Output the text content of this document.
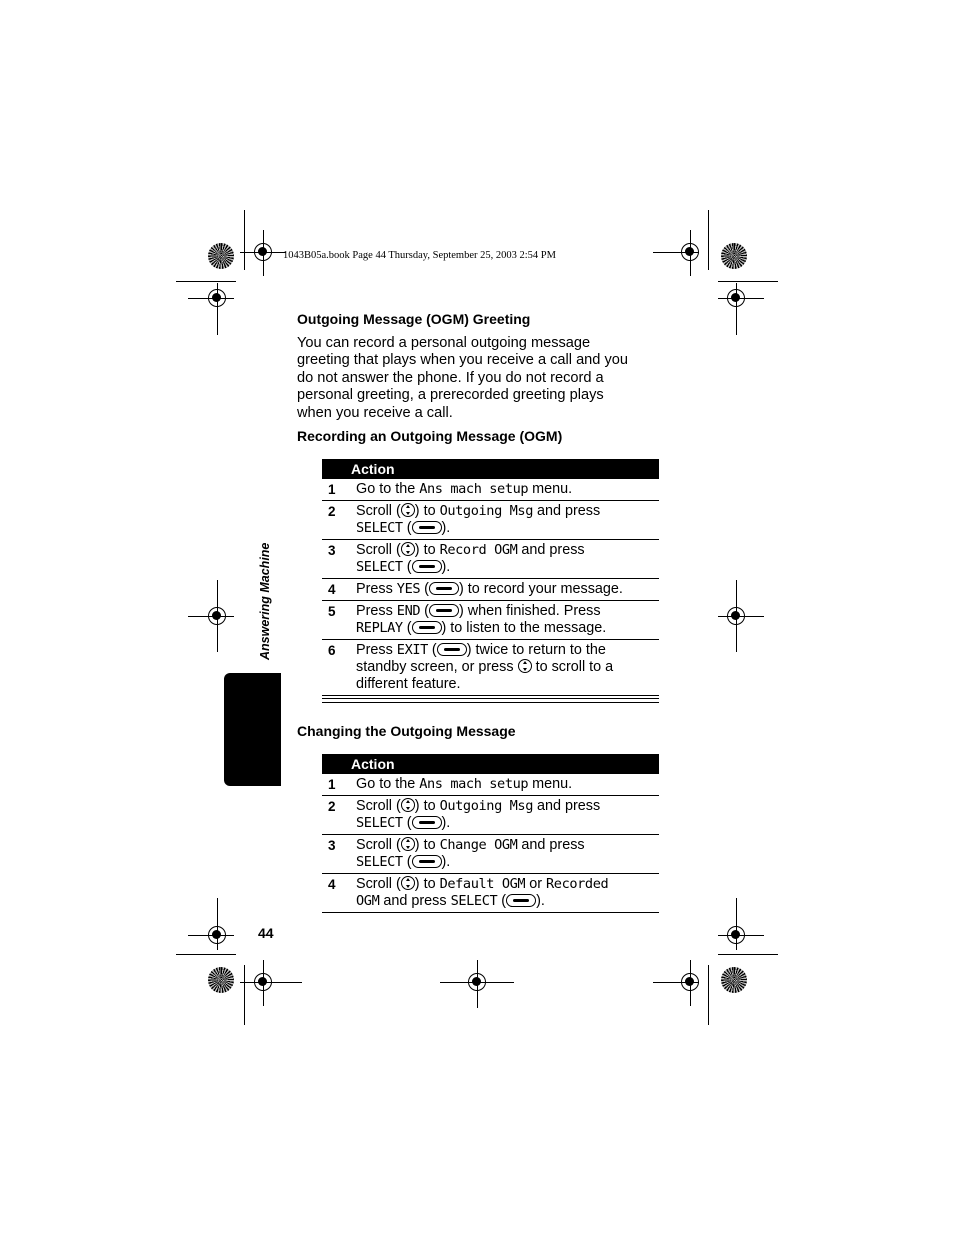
1043B05a.book Page 44 Thursday, September 25, 2003 2:54 PM
Answering Machine
Outgoing Message (OGM) Greeting
You can record a personal outgoing message
greeting that plays when you receive a call and you
do not answer the phone. If you do not record a
personal greeting, a prerecorded greeting plays
when you receive a call.
Recording an Outgoing Message (OGM)
Action	
1	Go to the Ans mach setup menu.
2	Scroll ( ) to Outgoing Msg and press
SELECT ( ).
3	Scroll ( ) to Record OGM and press
SELECT ( ).
4	Press YES ( ) to record your message.
5	Press END ( ) when finished. Press
REPLAY ( ) to listen to the message.
6	Press EXIT ( ) twice to return to the
standby screen, or press  to scroll to a
different feature.
Changing the Outgoing Message
Action	
1	Go to the Ans mach setup menu.
2	Scroll ( ) to Outgoing Msg and press
SELECT ( ).
3	Scroll ( ) to Change OGM and press
SELECT ( ).
4	Scroll ( ) to Default OGM or Recorded
OGM and press SELECT ( ).
44
